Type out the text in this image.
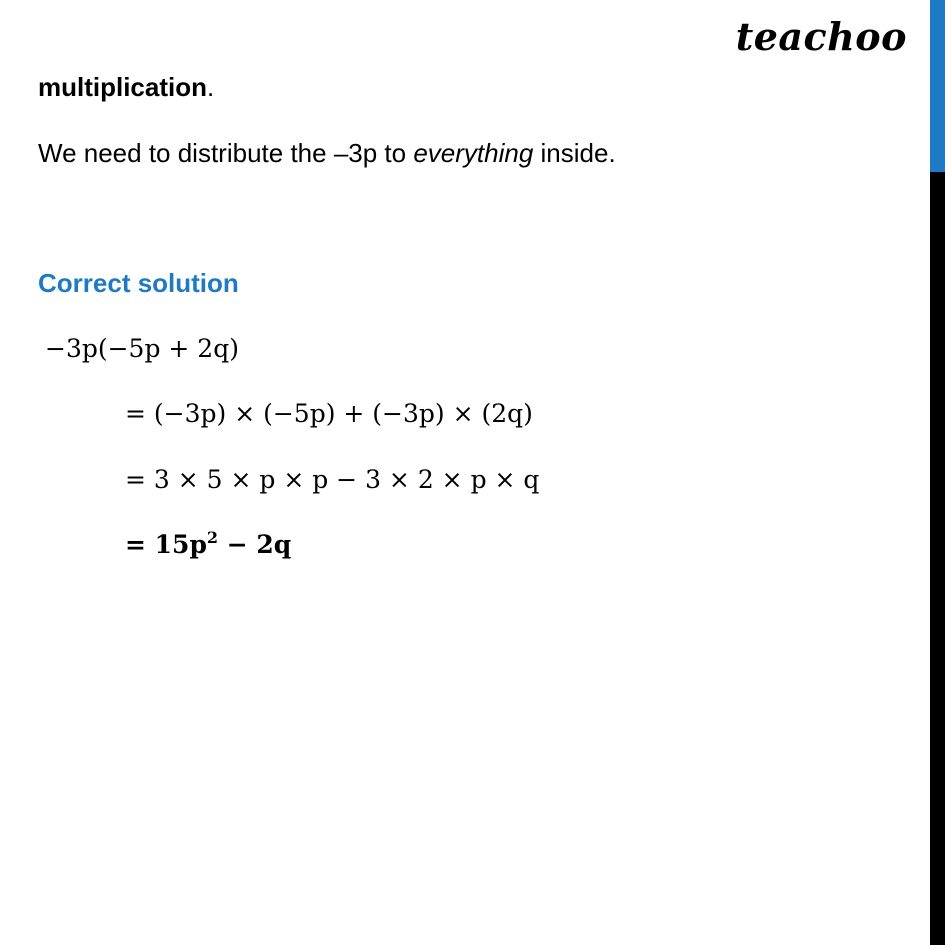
teachoo
multiplication.
We need to distribute the –3p to everything inside.
Correct solution
−3p(−5p + 2q)
= (−3p) × (−5p) + (−3p) × (2q)
= 3 × 5 × p × p − 3 × 2 × p × q
= $15p^2 - 2q$
